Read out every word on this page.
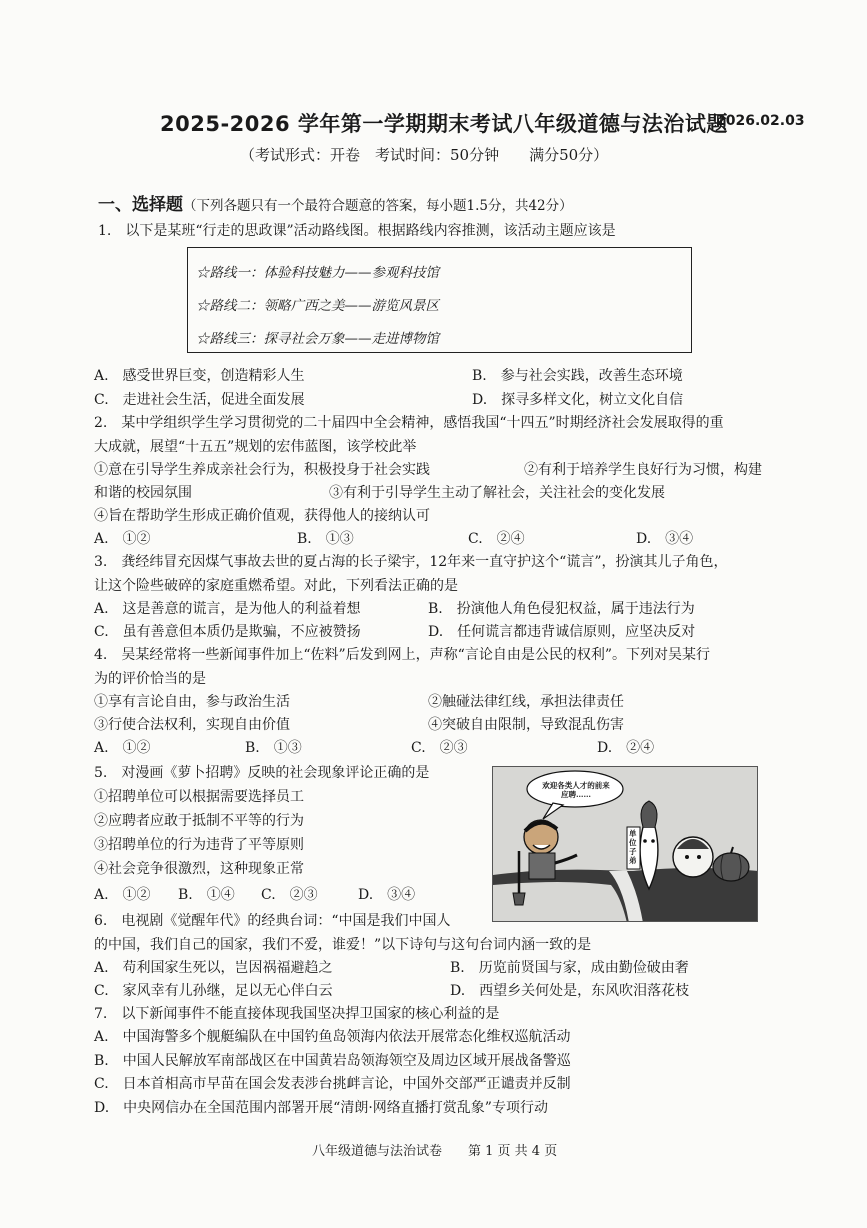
2025-2026 学年第一学期期末考试八年级道德与法治试题
2026.02.03
（考试形式：开卷　考试时间：50分钟　　满分50分）
一、选择题（下列各题只有一个最符合题意的答案，每小题1.5分，共42分）
1.　以下是某班“行走的思政课”活动路线图。根据路线内容推测，该活动主题应该是
☆路线一：体验科技魅力——参观科技馆
☆路线二：领略广西之美——游览风景区
☆路线三：探寻社会万象——走进博物馆
A.　感受世界巨变，创造精彩人生	B.　参与社会实践，改善生态环境
C.　走进社会生活，促进全面发展	D.　探寻多样文化，树立文化自信
2.　某中学组织学生学习贯彻党的二十届四中全会精神，感悟我国“十四五”时期经济社会发展取得的重
大成就，展望“十五五”规划的宏伟蓝图，该学校此举
①意在引导学生养成亲社会行为，积极投身于社会实践	②有利于培养学生良好行为习惯，构建
和谐的校园氛围	③有利于引导学生主动了解社会，关注社会的变化发展
④旨在帮助学生形成正确价值观，获得他人的接纳认可
A.　①②	B.　①③	C.　②④	D.　③④
3.　龚经纬冒充因煤气事故去世的夏占海的长子梁宇，12年来一直守护这个“谎言”，扮演其儿子角色，
让这个险些破碎的家庭重燃希望。对此，下列看法正确的是
A.　这是善意的谎言，是为他人的利益着想	B.　扮演他人角色侵犯权益，属于违法行为
C.　虽有善意但本质仍是欺骗，不应被赞扬	D.　任何谎言都违背诚信原则，应坚决反对
4.　吴某经常将一些新闻事件加上“佐料”后发到网上，声称“言论自由是公民的权利”。下列对吴某行
为的评价恰当的是
①享有言论自由，参与政治生活	②触碰法律红线，承担法律责任
③行使合法权利，实现自由价值	④突破自由限制，导致混乱伤害
A.　①②	B.　①③	C.　②③	D.　②④
5.　对漫画《萝卜招聘》反映的社会现象评论正确的是
①招聘单位可以根据需要选择员工
②应聘者应敢于抵制不平等的行为
③招聘单位的行为违背了平等原则
④社会竞争很激烈，这种现象正常
A.　①② B.　①④ C.　②③	D.　③④
欢迎各类人才的前来应聘……
单位子弟
6.　电视剧《觉醒年代》的经典台词：“中国是我们中国人
的中国，我们自己的国家，我们不爱，谁爱！”以下诗句与这句台词内涵一致的是
A.　苟利国家生死以，岂因祸福避趋之	B.　历览前贤国与家，成由勤俭破由奢
C.　家风幸有儿孙继，足以无心伴白云	D.　西望乡关何处是，东风吹泪落花枝
7.　以下新闻事件不能直接体现我国坚决捍卫国家的核心利益的是
A.　中国海警多个舰艇编队在中国钓鱼岛领海内依法开展常态化维权巡航活动
B.　中国人民解放军南部战区在中国黄岩岛领海领空及周边区域开展战备警巡
C.　日本首相高市早苗在国会发表涉台挑衅言论，中国外交部严正谴责并反制
D.　中央网信办在全国范围内部署开展“清朗·网络直播打赏乱象”专项行动
八年级道德与法治试卷　　第 1 页 共 4 页
